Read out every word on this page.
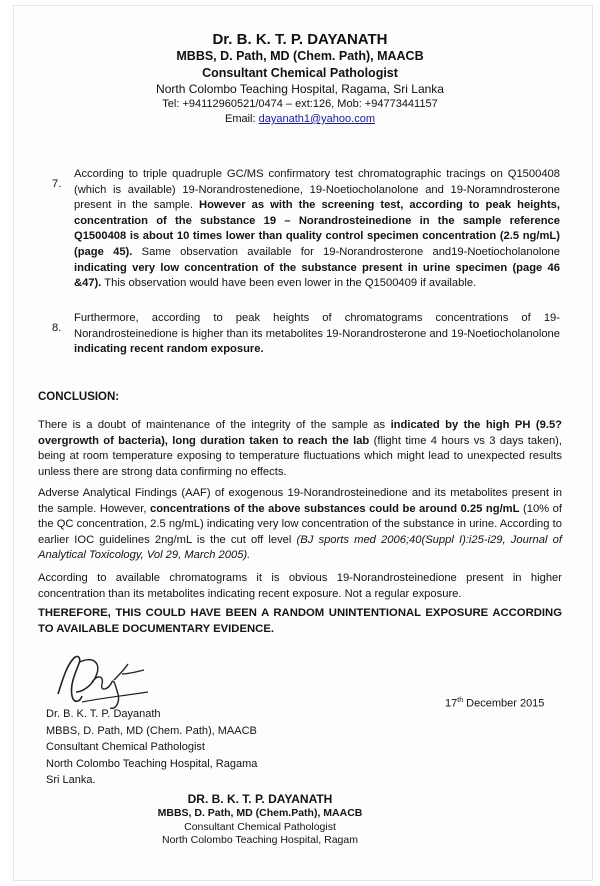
Dr. B. K. T. P. DAYANATH
MBBS, D. Path, MD (Chem. Path), MAACB
Consultant Chemical Pathologist
North Colombo Teaching Hospital, Ragama, Sri Lanka
Tel: +94112960521/0474 – ext:126, Mob: +94773441157
Email: dayanath1@yahoo.com
7.
According to triple quadruple GC/MS confirmatory test chromatographic tracings on Q1500408 (which is available) 19-Norandrostenedione, 19-Noetiocholanolone and 19-Noramndrosterone present in the sample. However as with the screening test, according to peak heights, concentration of the substance 19 – Norandrosteinedione in the sample reference Q1500408 is about 10 times lower than quality control specimen concentration (2.5 ng/mL) (page 45). Same observation available for 19-Norandrosterone and19-Noetiocholanolone indicating very low concentration of the substance present in urine specimen (page 46 &47). This observation would have been even lower in the Q1500409 if available.
8.
Furthermore, according to peak heights of chromatograms concentrations of 19-Norandrosteinedione is higher than its metabolites 19-Norandrosterone and 19-Noetiocholanolone indicating recent random exposure.
CONCLUSION:
There is a doubt of maintenance of the integrity of the sample as indicated by the high PH (9.5? overgrowth of bacteria), long duration taken to reach the lab (flight time 4 hours vs 3 days taken), being at room temperature exposing to temperature fluctuations which might lead to unexpected results unless there are strong data confirming no effects.
Adverse Analytical Findings (AAF) of exogenous 19-Norandrosteinedione and its metabolites present in the sample. However, concentrations of the above substances could be around 0.25 ng/mL (10% of the QC concentration, 2.5 ng/mL) indicating very low concentration of the substance in urine. According to earlier IOC guidelines 2ng/mL is the cut off level (BJ sports med 2006;40(Suppl I):i25-i29, Journal of Analytical Toxicology, Vol 29, March 2005).
According to available chromatograms it is obvious 19-Norandrosteinedione present in higher concentration than its metabolites indicating recent exposure. Not a regular exposure.
THEREFORE, THIS COULD HAVE BEEN A RANDOM UNINTENTIONAL EXPOSURE ACCORDING TO AVAILABLE DOCUMENTARY EVIDENCE.
17th December 2015
Dr. B. K. T. P. Dayanath
MBBS, D. Path, MD (Chem. Path), MAACB
Consultant Chemical Pathologist
North Colombo Teaching Hospital, Ragama
Sri Lanka.
DR. B. K. T. P. DAYANATH
MBBS, D. Path, MD (Chem.Path), MAACB
Consultant Chemical Pathologist
North Colombo Teaching Hospital, Ragam
